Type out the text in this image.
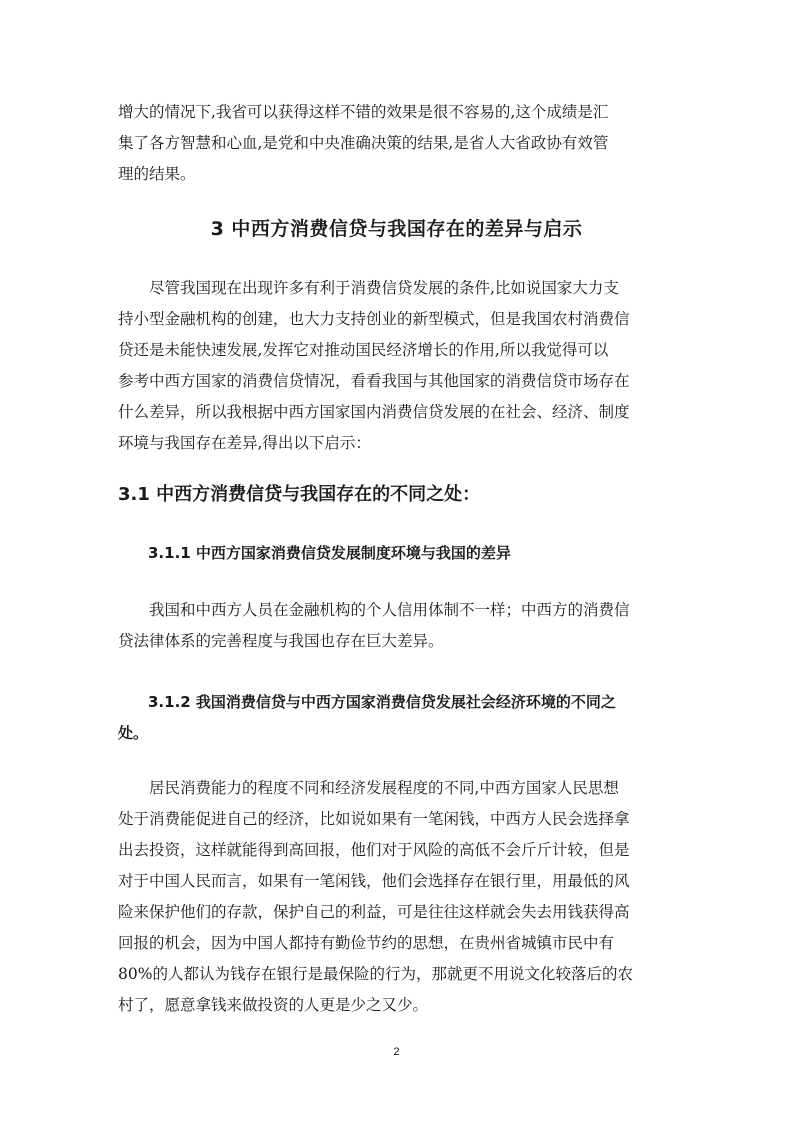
增大的情况下,我省可以获得这样不错的效果是很不容易的,这个成绩是汇
集了各方智慧和心血,是党和中央准确决策的结果,是省人大省政协有效管
理的结果。
3 中西方消费信贷与我国存在的差异与启示
　　尽管我国现在出现许多有利于消费信贷发展的条件,比如说国家大力支
持小型金融机构的创建，也大力支持创业的新型模式，但是我国农村消费信
贷还是未能快速发展,发挥它对推动国民经济增长的作用,所以我觉得可以
参考中西方国家的消费信贷情况，看看我国与其他国家的消费信贷市场存在
什么差异，所以我根据中西方国家国内消费信贷发展的在社会、经济、制度
环境与我国存在差异,得出以下启示：
3.1 中西方消费信贷与我国存在的不同之处：
　　3.1.1 中西方国家消费信贷发展制度环境与我国的差异
　　我国和中西方人员在金融机构的个人信用体制不一样；中西方的消费信
贷法律体系的完善程度与我国也存在巨大差异。
　　3.1.2 我国消费信贷与中西方国家消费信贷发展社会经济环境的不同之
处。
　　居民消费能力的程度不同和经济发展程度的不同,中西方国家人民思想
处于消费能促进自己的经济，比如说如果有一笔闲钱，中西方人民会选择拿
出去投资，这样就能得到高回报，他们对于风险的高低不会斤斤计较，但是
对于中国人民而言，如果有一笔闲钱，他们会选择存在银行里，用最低的风
险来保护他们的存款，保护自己的利益，可是往往这样就会失去用钱获得高
回报的机会，因为中国人都持有勤俭节约的思想，在贵州省城镇市民中有
80%的人都认为钱存在银行是最保险的行为，那就更不用说文化较落后的农
村了，愿意拿钱来做投资的人更是少之又少。
2
